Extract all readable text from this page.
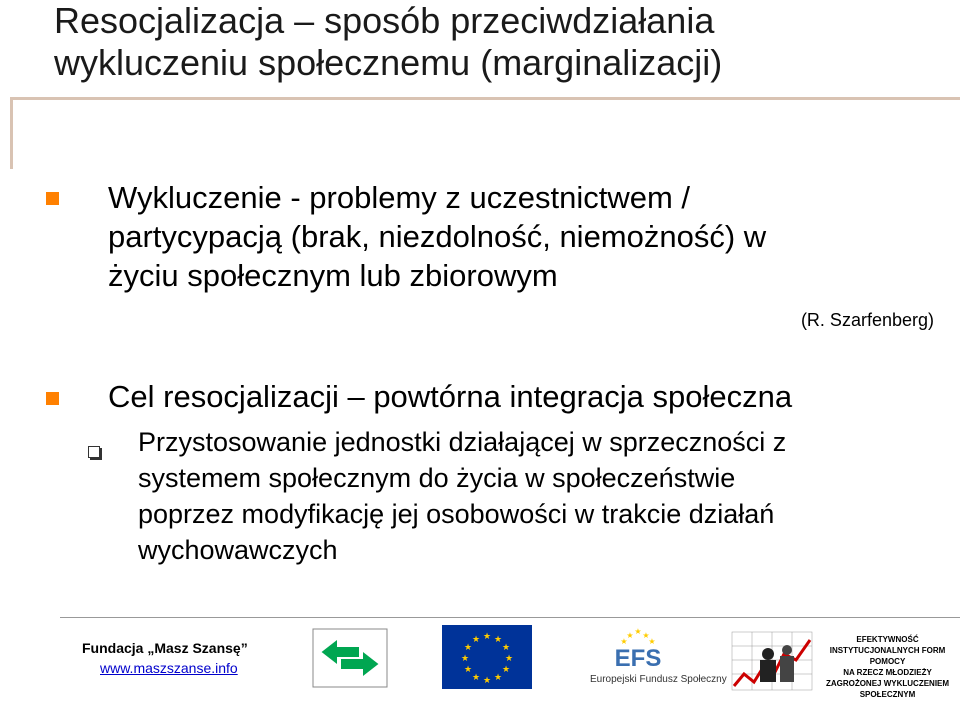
Resocjalizacja – sposób przeciwdziałania
wykluczeniu społecznemu (marginalizacji)
Wykluczenie - problemy z uczestnictwem /
partycypacją (brak, niezdolność, niemożność) w
życiu społecznym lub zbiorowym
(R. Szarfenberg)
Cel resocjalizacji – powtórna integracja społeczna
Przystosowanie jednostki działającej w sprzeczności z
systemem społecznym do życia w społeczeństwie
poprzez modyfikację jej osobowości w trakcie działań
wychowawczych
Fundacja „Masz Szansę”
www.maszszanse.info
★ ★
★
★
★
★
★
★
★
★
★
★	★ ★ ★
★	★
EFS
Europejski Fundusz Społeczny
EFEKTYWNOŚĆ
INSTYTUCJONALNYCH FORM POMOCY
NA RZECZ MŁODZIEŻY
ZAGROŻONEJ WYKLUCZENIEM SPOŁECZNYM
